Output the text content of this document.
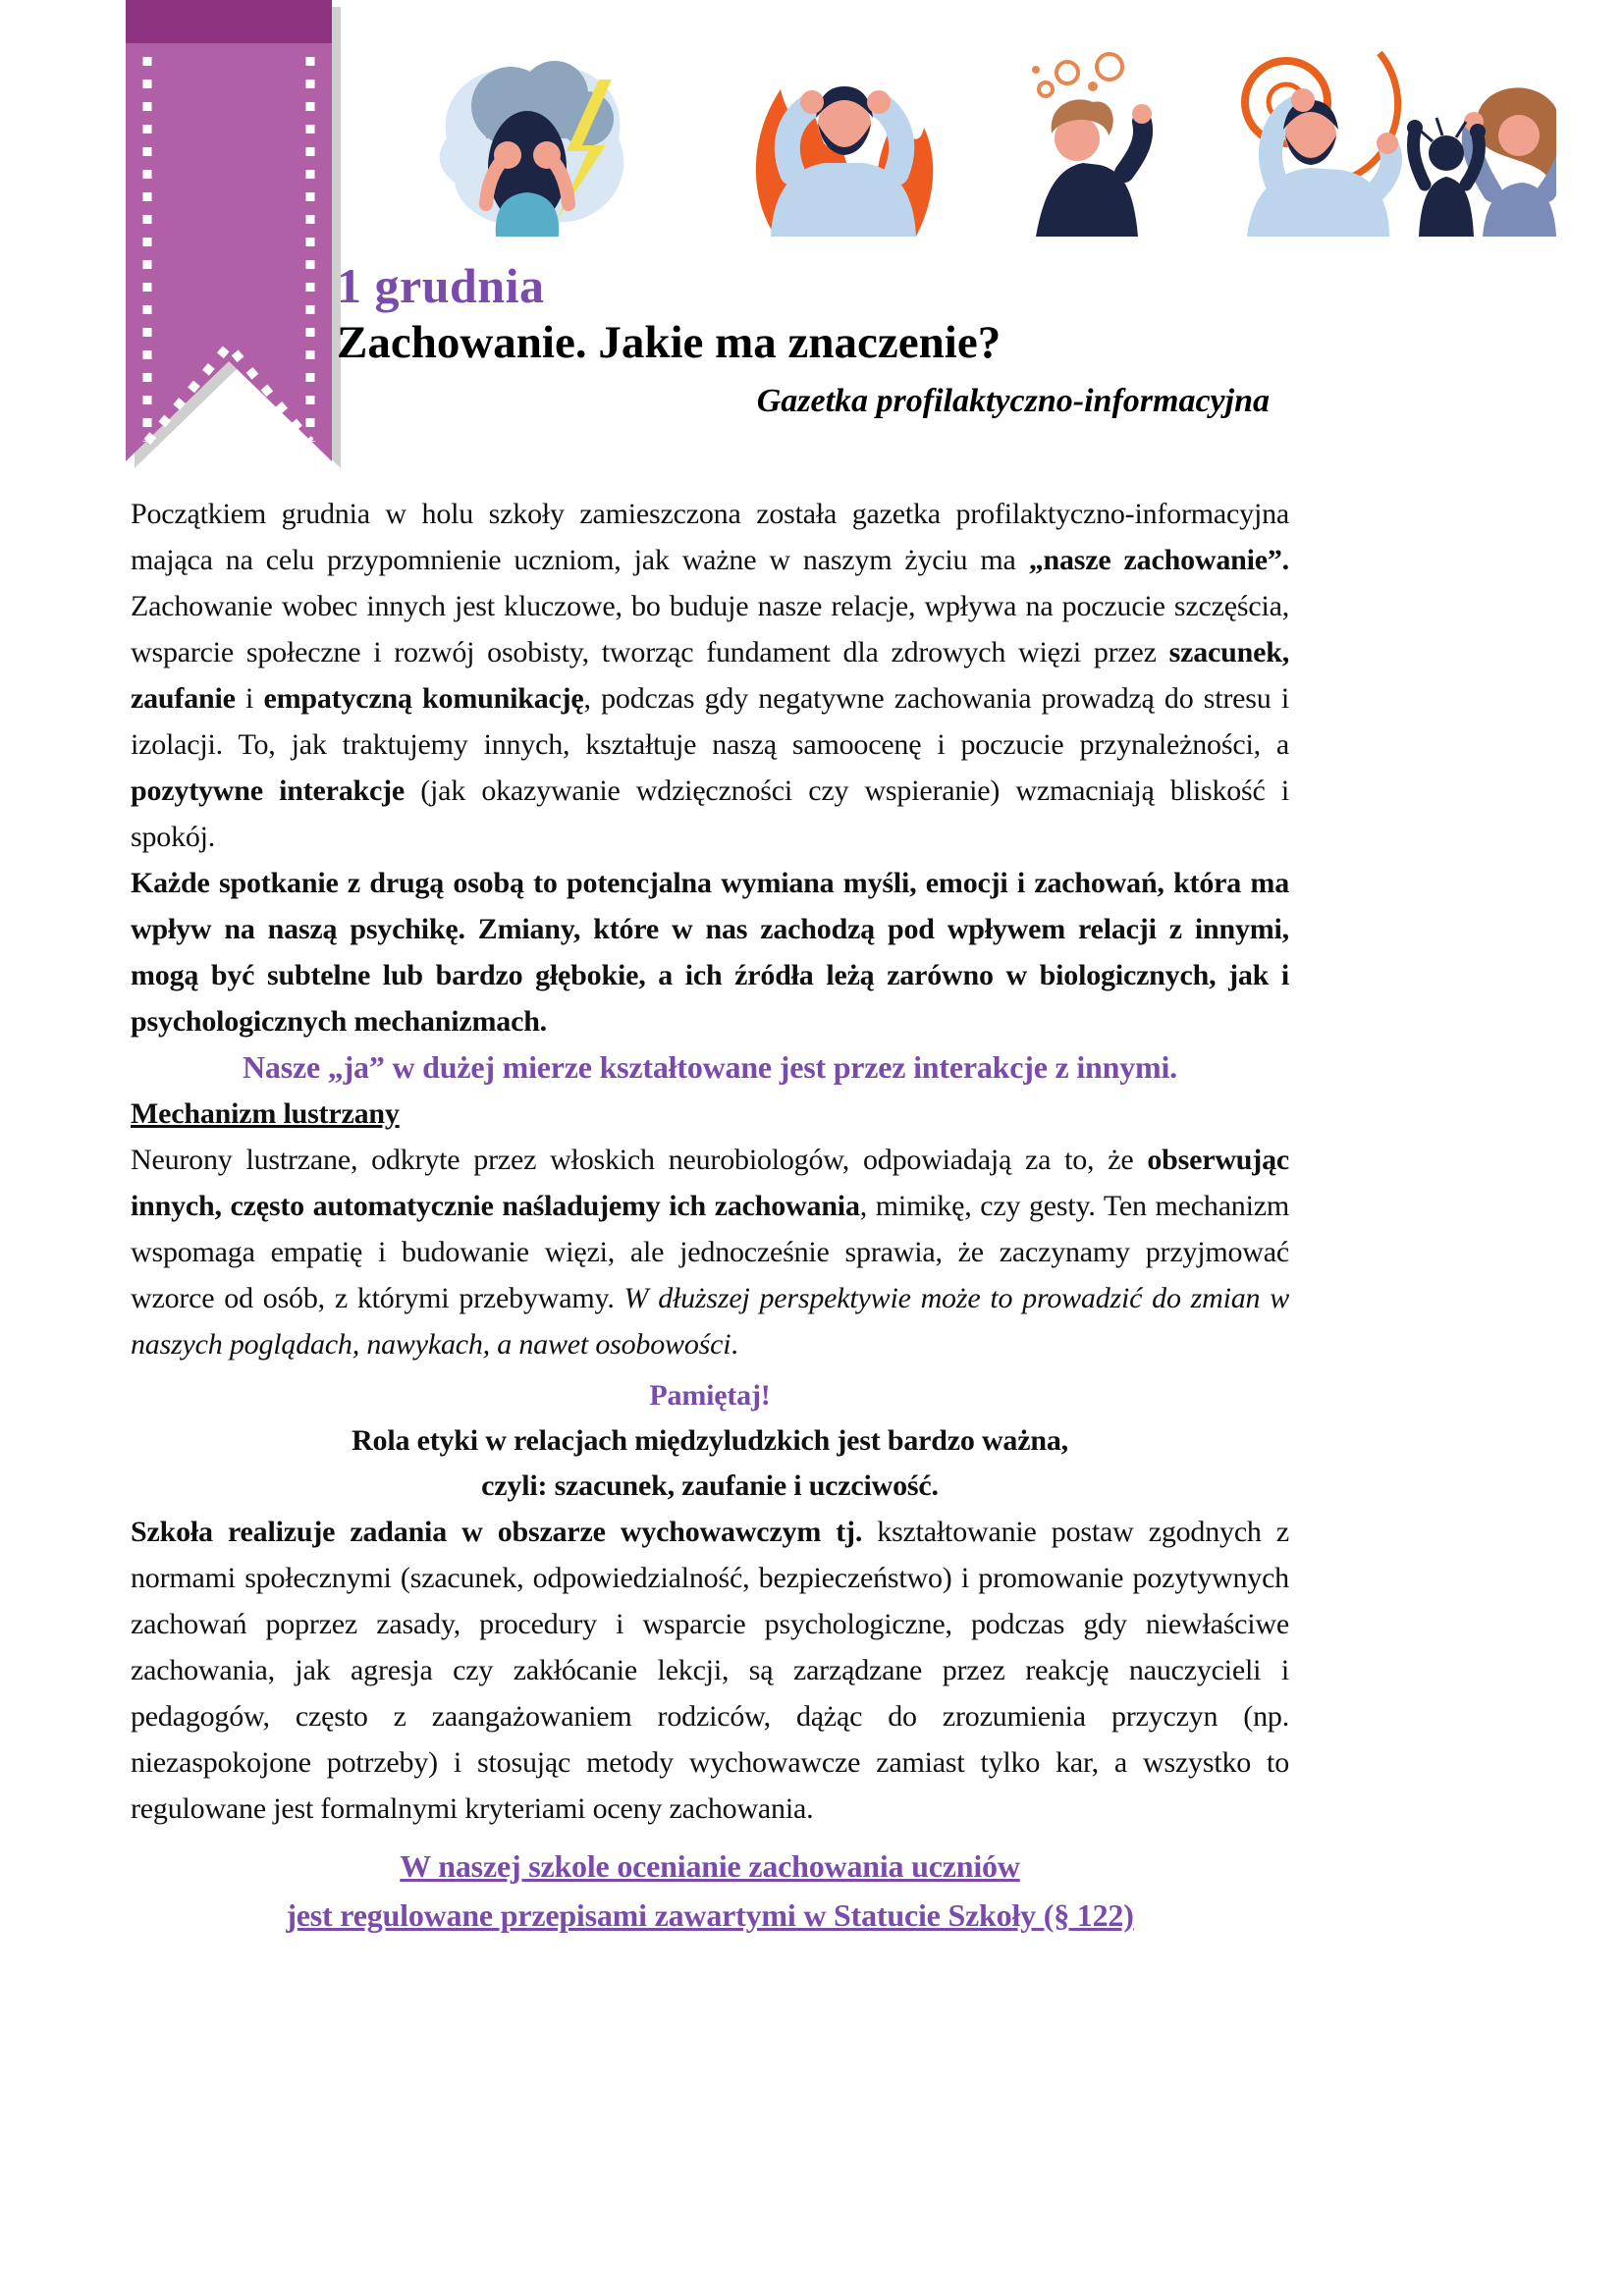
1 grudnia
Zachowanie. Jakie ma znaczenie?
Gazetka profilaktyczno-informacyjna

Początkiem grudnia w holu szkoły zamieszczona została gazetka profilaktyczno-informacyjna mająca na celu przypomnienie uczniom, jak ważne w naszym życiu ma „nasze zachowanie”. Zachowanie wobec innych jest kluczowe, bo buduje nasze relacje, wpływa na poczucie szczęścia, wsparcie społeczne i rozwój osobisty, tworząc fundament dla zdrowych więzi przez szacunek, zaufanie i empatyczną komunikację, podczas gdy negatywne zachowania prowadzą do stresu i izolacji. To, jak traktujemy innych, kształtuje naszą samoocenę i poczucie przynależności, a pozytywne interakcje (jak okazywanie wdzięczności czy wspieranie) wzmacniają bliskość i spokój.

Każde spotkanie z drugą osobą to potencjalna wymiana myśli, emocji i zachowań, która ma wpływ na naszą psychikę. Zmiany, które w nas zachodzą pod wpływem relacji z innymi, mogą być subtelne lub bardzo głębokie, a ich źródła leżą zarówno w biologicznych, jak i psychologicznych mechanizmach.

Nasze „ja” w dużej mierze kształtowane jest przez interakcje z innymi.

Mechanizm lustrzany

Neurony lustrzane, odkryte przez włoskich neurobiologów, odpowiadają za to, że obserwując innych, często automatycznie naśladujemy ich zachowania, mimikę, czy gesty. Ten mechanizm wspomaga empatię i budowanie więzi, ale jednocześnie sprawia, że zaczynamy przyjmować wzorce od osób, z którymi przebywamy. W dłuższej perspektywie może to prowadzić do zmian w naszych poglądach, nawykach, a nawet osobowości.

Pamiętaj!
Rola etyki w relacjach międzyludzkich jest bardzo ważna,
czyli: szacunek, zaufanie i uczciwość.

Szkoła realizuje zadania w obszarze wychowawczym tj. kształtowanie postaw zgodnych z normami społecznymi (szacunek, odpowiedzialność, bezpieczeństwo) i promowanie pozytywnych zachowań poprzez zasady, procedury i wsparcie psychologiczne, podczas gdy niewłaściwe zachowania, jak agresja czy zakłócanie lekcji, są zarządzane przez reakcję nauczycieli i pedagogów, często z zaangażowaniem rodziców, dążąc do zrozumienia przyczyn (np. niezaspokojone potrzeby) i stosując metody wychowawcze zamiast tylko kar, a wszystko to regulowane jest formalnymi kryteriami oceny zachowania.

W naszej szkole ocenianie zachowania uczniów
jest regulowane przepisami zawartymi w Statucie Szkoły (§ 122)
